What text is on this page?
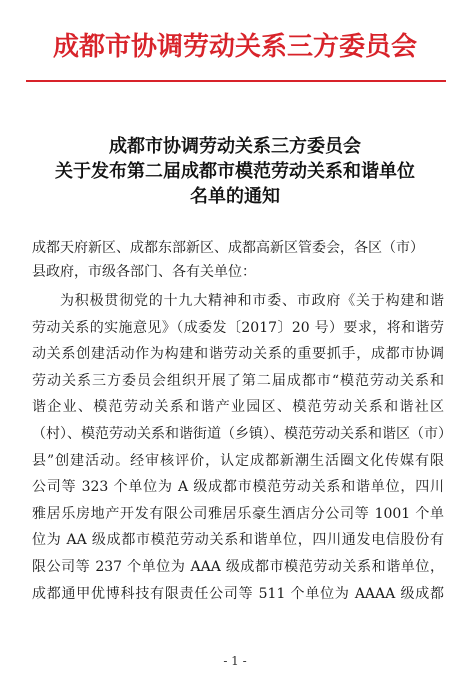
成都市协调劳动关系三方委员会
成都市协调劳动关系三方委员会
关于发布第二届成都市模范劳动关系和谐单位
名单的通知
成都天府新区、成都东部新区、成都高新区管委会，各区（市）
县政府，市级各部门、各有关单位：
为积极贯彻党的十九大精神和市委、市政府《关于构建和谐
劳动关系的实施意见》（成委发〔2017〕20 号）要求，将和谐劳
动关系创建活动作为构建和谐劳动关系的重要抓手，成都市协调
劳动关系三方委员会组织开展了第二届成都市“模范劳动关系和
谐企业、模范劳动关系和谐产业园区、模范劳动关系和谐社区
（村）、模范劳动关系和谐街道（乡镇）、模范劳动关系和谐区（市）
县”创建活动。经审核评价，认定成都新潮生活圈文化传媒有限
公司等 323 个单位为 A 级成都市模范劳动关系和谐单位，四川
雅居乐房地产开发有限公司雅居乐豪生酒店分公司等 1001 个单
位为 AA 级成都市模范劳动关系和谐单位，四川通发电信股份有
限公司等 237 个单位为 AAA 级成都市模范劳动关系和谐单位，
成都通甲优博科技有限责任公司等 511 个单位为 AAAA 级成都
- 1 -
